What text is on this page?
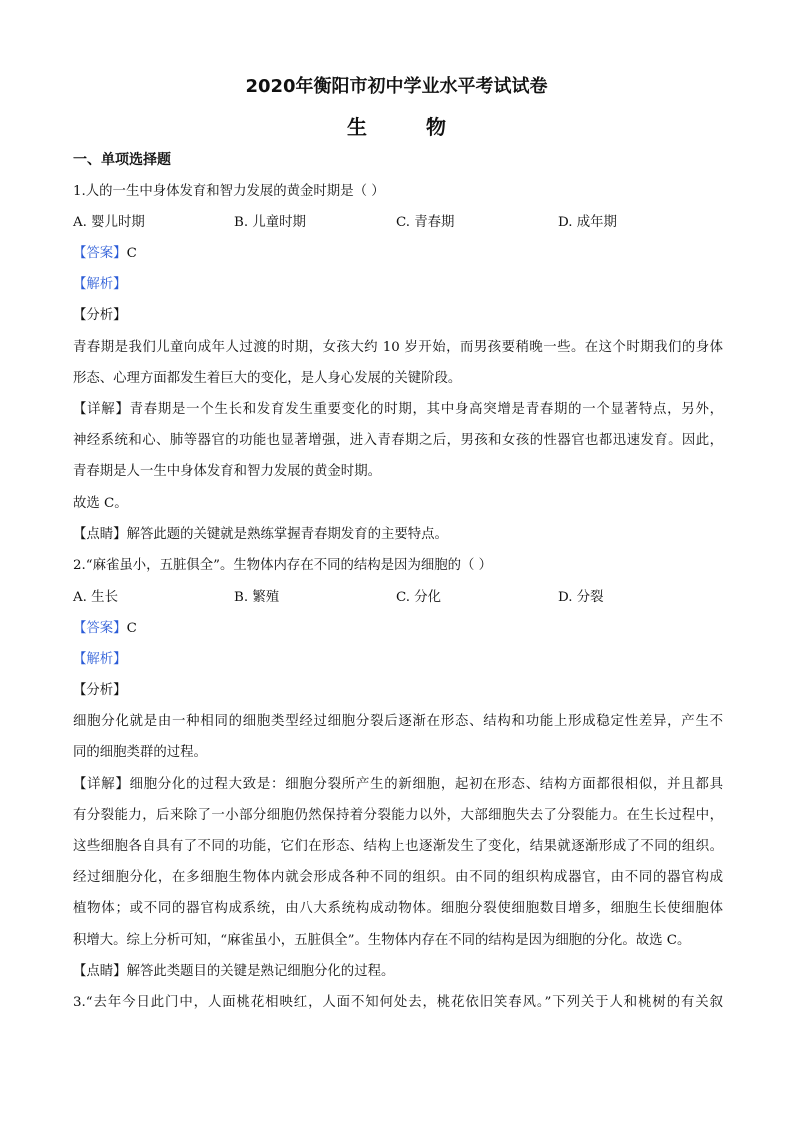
2020年衡阳市初中学业水平考试试卷
生 物
一、单项选择题
1.人的一生中身体发育和智力发展的黄金时期是（ ）
A. 婴儿时期	B. 儿童时期	C. 青春期	D. 成年期
【答案】C
【解析】
【分析】
青春期是我们儿童向成年人过渡的时期，女孩大约 10 岁开始，而男孩要稍晚一些。在这个时期我们的身体
形态、心理方面都发生着巨大的变化，是人身心发展的关键阶段。
【详解】青春期是一个生长和发育发生重要变化的时期，其中身高突增是青春期的一个显著特点，另外，
神经系统和心、肺等器官的功能也显著增强，进入青春期之后，男孩和女孩的性器官也都迅速发育。因此，
青春期是人一生中身体发育和智力发展的黄金时期。
故选 C。
【点睛】解答此题的关键就是熟练掌握青春期发育的主要特点。
2.“麻雀虽小，五脏俱全”。生物体内存在不同的结构是因为细胞的（ ）
A. 生长	B. 繁殖	C. 分化	D. 分裂
【答案】C
【解析】
【分析】
细胞分化就是由一种相同的细胞类型经过细胞分裂后逐渐在形态、结构和功能上形成稳定性差异，产生不
同的细胞类群的过程。
【详解】细胞分化的过程大致是：细胞分裂所产生的新细胞，起初在形态、结构方面都很相似，并且都具
有分裂能力，后来除了一小部分细胞仍然保持着分裂能力以外，大部细胞失去了分裂能力。在生长过程中，
这些细胞各自具有了不同的功能，它们在形态、结构上也逐渐发生了变化，结果就逐渐形成了不同的组织。
经过细胞分化，在多细胞生物体内就会形成各种不同的组织。由不同的组织构成器官，由不同的器官构成
植物体；或不同的器官构成系统，由八大系统构成动物体。细胞分裂使细胞数目增多，细胞生长使细胞体
积增大。综上分析可知，“麻雀虽小，五脏俱全”。生物体内存在不同的结构是因为细胞的分化。故选 C。
【点睛】解答此类题目的关键是熟记细胞分化的过程。
3.“去年今日此门中，人面桃花相映红，人面不知何处去，桃花依旧笑春风。”下列关于人和桃树的有关叙
